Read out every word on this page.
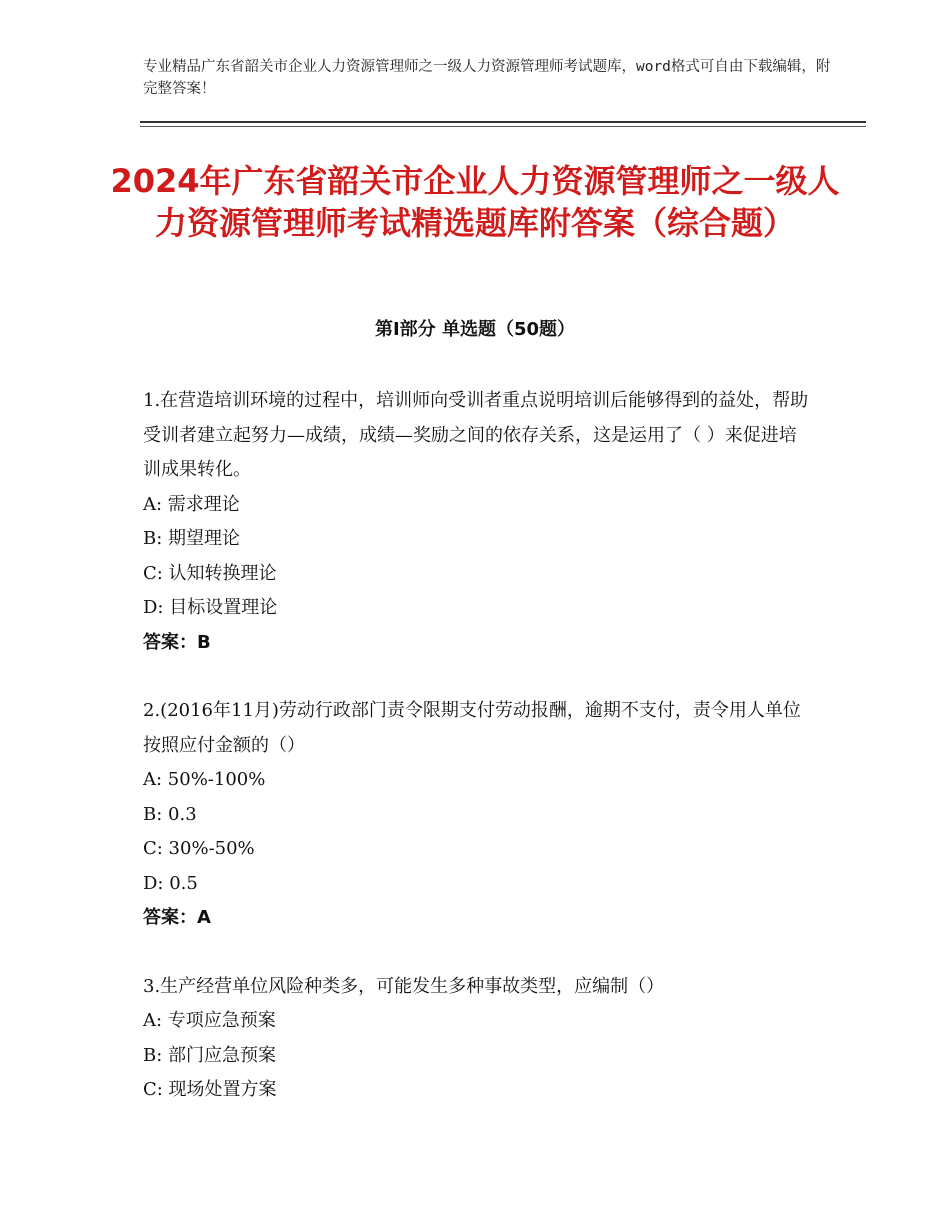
专业精品广东省韶关市企业人力资源管理师之一级人力资源管理师考试题库，word格式可自由下载编辑，附完整答案！
2024年广东省韶关市企业人力资源管理师之一级人力资源管理师考试精选题库附答案（综合题）
第Ⅰ部分 单选题（50题）

1.在营造培训环境的过程中，培训师向受训者重点说明培训后能够得到的益处，帮助受训者建立起努力—成绩，成绩—奖励之间的依存关系，这是运用了（ ）来促进培训成果转化。

A: 需求理论

B: 期望理论

C: 认知转换理论

D: 目标设置理论

答案：B

2.(2016年11月)劳动行政部门责令限期支付劳动报酬，逾期不支付，责令用人单位按照应付金额的（）

A: 50%-100%

B: 0.3

C: 30%-50%

D: 0.5

答案：A

3.生产经营单位风险种类多，可能发生多种事故类型，应编制（）

A: 专项应急预案

B: 部门应急预案

C: 现场处置方案
